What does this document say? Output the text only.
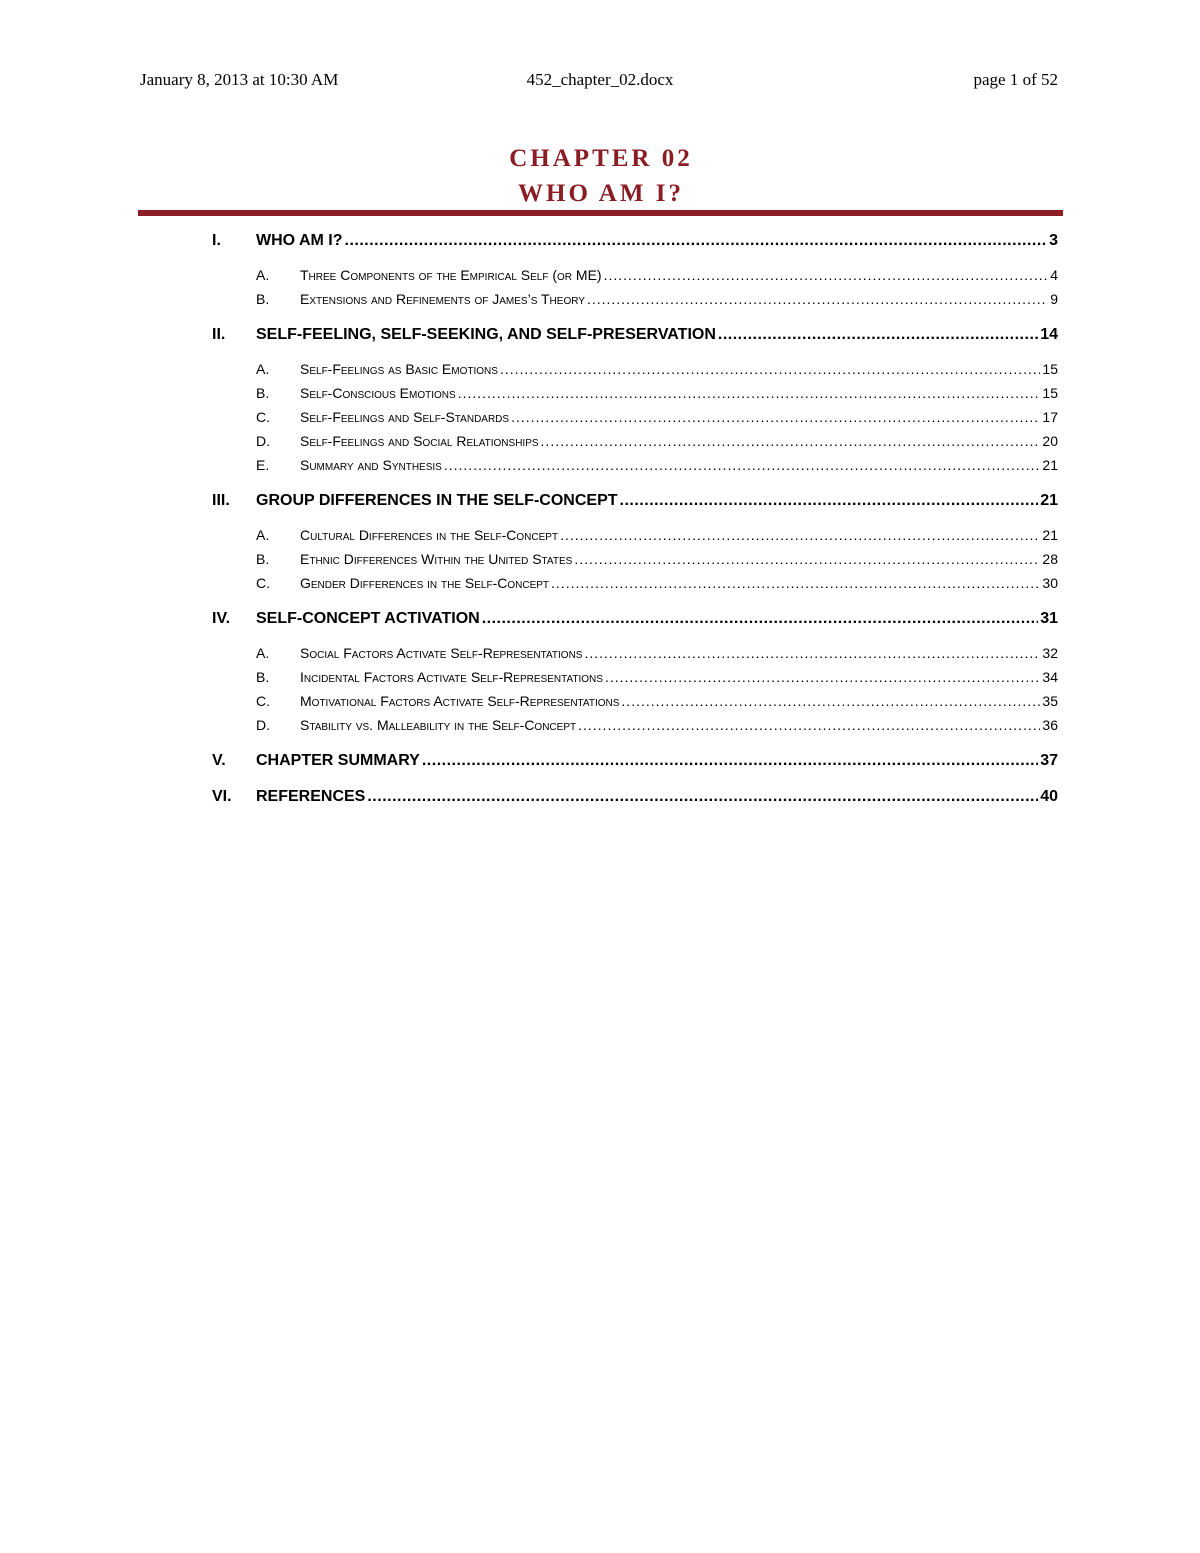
January 8, 2013 at 10:30 AM	452_chapter_02.docx	page 1 of 52
CHAPTER 02
WHO AM I?
I.	WHO AM I? .....	3
A.	Three Components of the Empirical Self (or ME) .....	4
B.	Extensions and Refinements of James’s Theory .....	9
II.	SELF-FEELING, SELF-SEEKING, AND SELF-PRESERVATION .....	14
A.	Self-Feelings as Basic Emotions .....	15
B.	Self-Conscious Emotions .....	15
C.	Self-Feelings and Self-Standards .....	17
D.	Self-Feelings and Social Relationships .....	20
E.	Summary and Synthesis .....	21
III.	GROUP DIFFERENCES IN THE SELF-CONCEPT .....	21
A.	Cultural Differences in the Self-Concept .....	21
B.	Ethnic Differences Within the United States .....	28
C.	Gender Differences in the Self-Concept .....	30
IV.	SELF-CONCEPT ACTIVATION .....	31
A.	Social Factors Activate Self-Representations .....	32
B.	Incidental Factors Activate Self-Representations .....	34
C.	Motivational Factors Activate Self-Representations .....	35
D.	Stability vs. Malleability in the Self-Concept .....	36
V.	CHAPTER SUMMARY .....	37
VI.	REFERENCES .....	40
